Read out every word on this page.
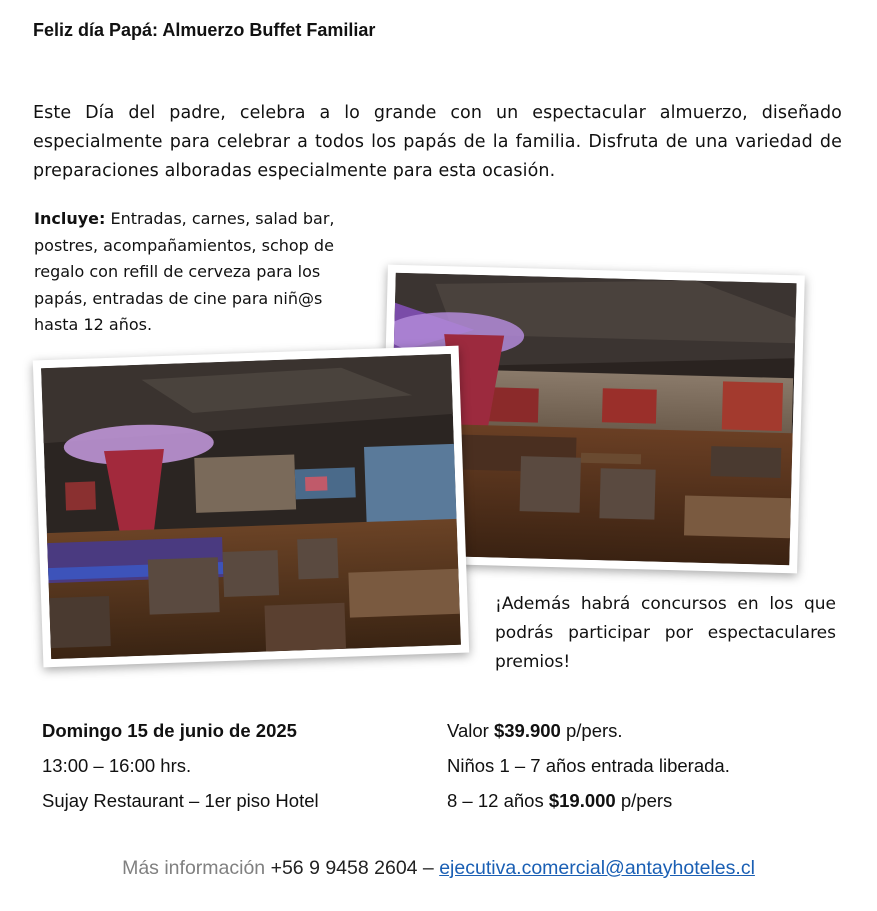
Feliz día Papá: Almuerzo Buffet Familiar

Este Día del padre, celebra a lo grande con un espectacular almuerzo, diseñado especialmente para celebrar a todos los papás de la familia. Disfruta de una variedad de preparaciones alboradas especialmente para esta ocasión.

Incluye: Entradas, carnes, salad bar, postres, acompañamientos, schop de regalo con refill de cerveza para los papás, entradas de cine para niñ@s hasta 12 años.

¡Además habrá concursos en los que podrás participar por espectaculares premios!

Domingo 15 de junio de 2025
13:00 – 16:00 hrs.
Sujay Restaurant – 1er piso Hotel
Valor $39.900 p/pers.
Niños 1 – 7 años entrada liberada.
8 – 12 años $19.000 p/pers
Más información +56 9 9458 2604 – ejecutiva.comercial@antayhoteles.cl
